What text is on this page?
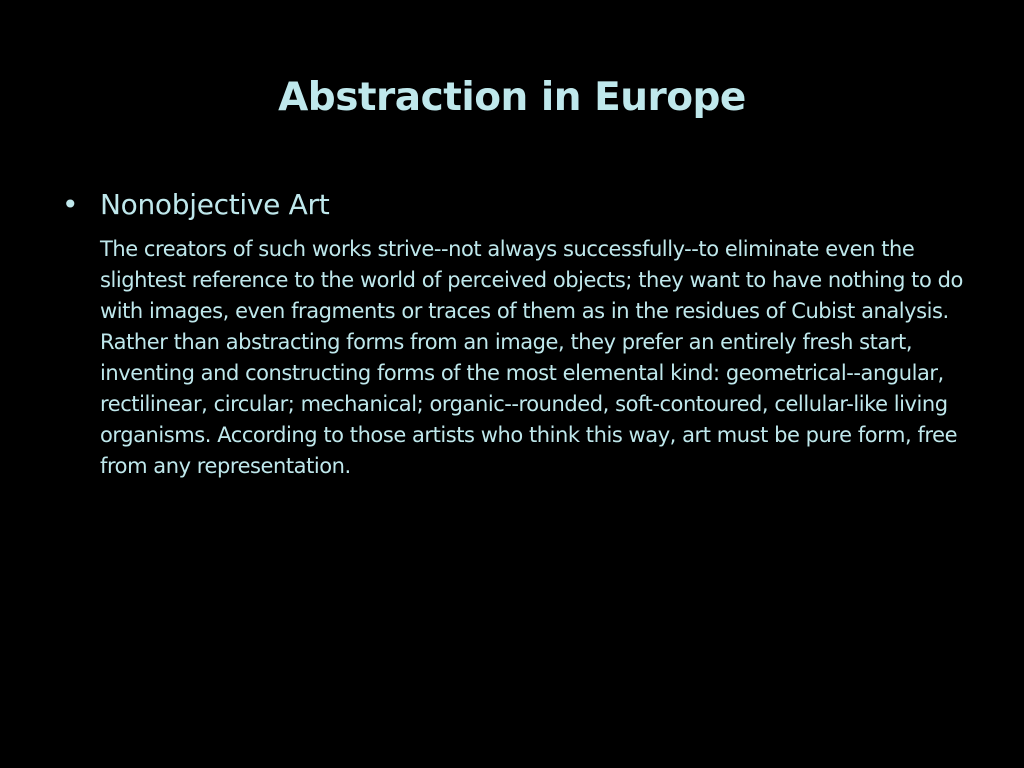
Abstraction in Europe
• Nonobjective Art

The creators of such works strive--not always successfully--to eliminate even the slightest reference to the world of perceived objects; they want to have nothing to do with images, even fragments or traces of them as in the residues of Cubist analysis. Rather than abstracting forms from an image, they prefer an entirely fresh start, inventing and constructing forms of the most elemental kind: geometrical--angular, rectilinear, circular; mechanical; organic--rounded, soft-contoured, cellular-like living organisms. According to those artists who think this way, art must be pure form, free from any representation.
